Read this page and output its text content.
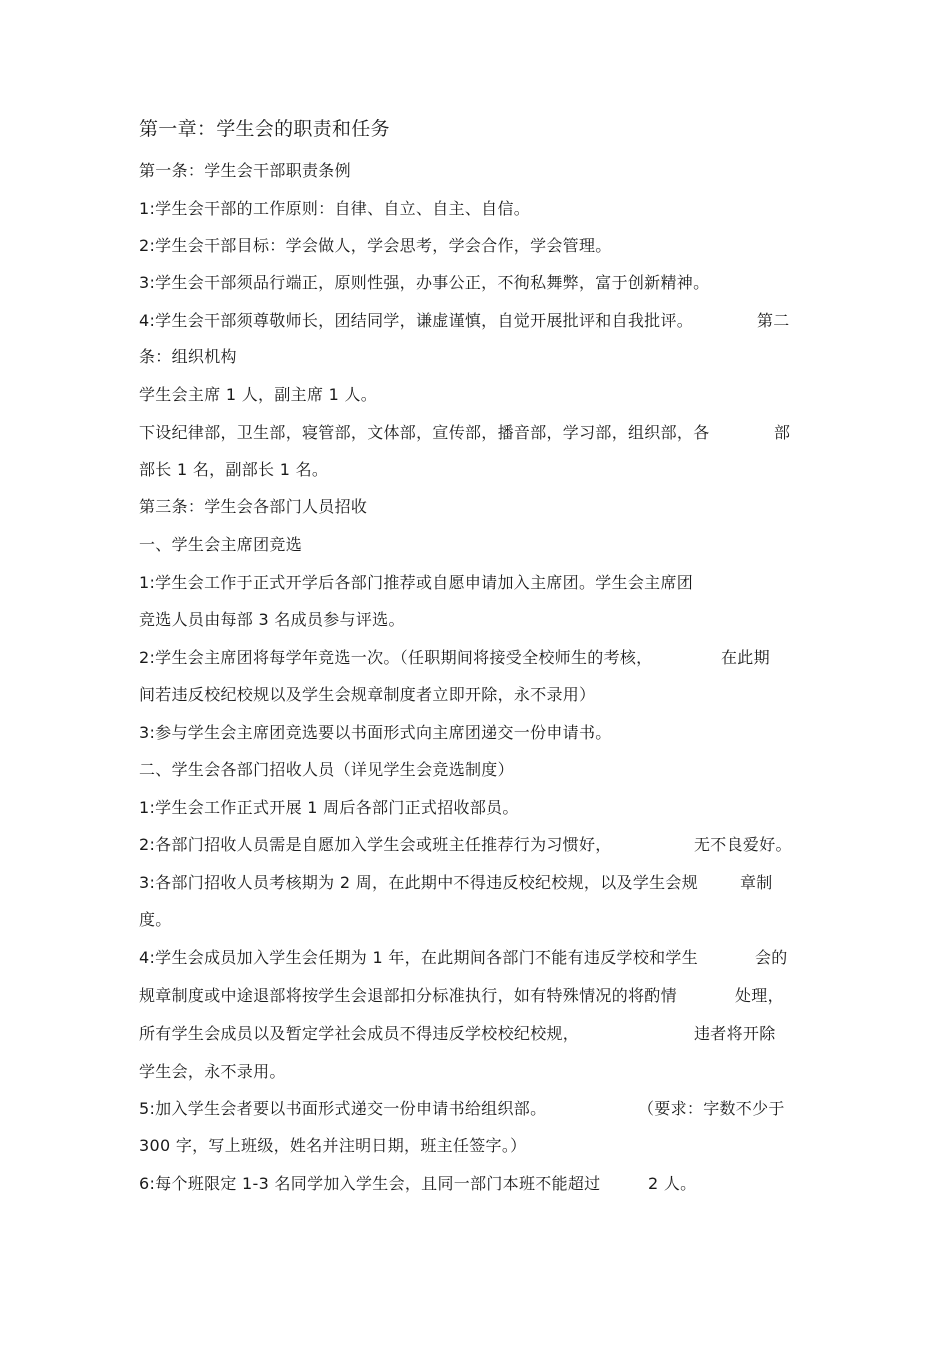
第一章：学生会的职责和任务
第一条：学生会干部职责条例
1:学生会干部的工作原则：自律、自立、自主、自信。
2:学生会干部目标：学会做人，学会思考，学会合作，学会管理。
3:学生会干部须品行端正，原则性强，办事公正，不徇私舞弊，富于创新精神。
4:学生会干部须尊敬师长，团结同学，谦虚谨慎，自觉开展批评和自我批评。	第二
条：组织机构
学生会主席 1 人，副主席 1 人。
下设纪律部，卫生部，寝管部，文体部，宣传部，播音部，学习部，组织部，各	部
部长 1 名，副部长 1 名。
第三条：学生会各部门人员招收
一、学生会主席团竞选
1:学生会工作于正式开学后各部门推荐或自愿申请加入主席团。学生会主席团
竞选人员由每部 3 名成员参与评选。
2:学生会主席团将每学年竞选一次。（任职期间将接受全校师生的考核，	在此期
间若违反校纪校规以及学生会规章制度者立即开除，永不录用）
3:参与学生会主席团竞选要以书面形式向主席团递交一份申请书。
二、学生会各部门招收人员（详见学生会竞选制度）
1:学生会工作正式开展 1 周后各部门正式招收部员。
2:各部门招收人员需是自愿加入学生会或班主任推荐行为习惯好，	无不良爱好。
3:各部门招收人员考核期为 2 周，在此期中不得违反校纪校规，以及学生会规	章制
度。
4:学生会成员加入学生会任期为 1 年，在此期间各部门不能有违反学校和学生	会的
规章制度或中途退部将按学生会退部扣分标准执行，如有特殊情况的将酌情	处理，
所有学生会成员以及暂定学社会成员不得违反学校校纪校规，	违者将开除
学生会，永不录用。
5:加入学生会者要以书面形式递交一份申请书给组织部。	（要求：字数不少于
300 字，写上班级，姓名并注明日期，班主任签字。）
6:每个班限定 1-3 名同学加入学生会，且同一部门本班不能超过	2 人。
